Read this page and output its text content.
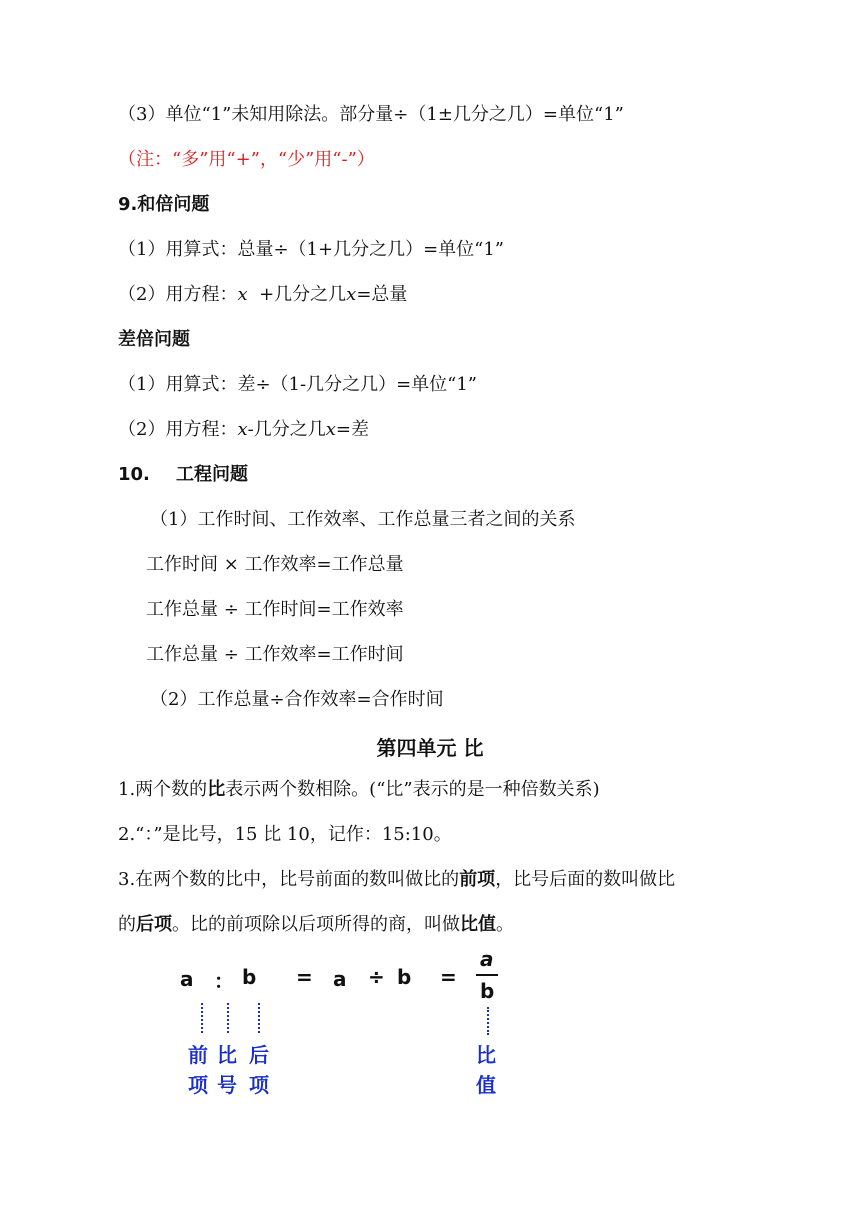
（3）单位“1”未知用除法。部分量÷（1±几分之几）=单位“1”
（注：“多”用“+”，“少”用“-”）
9.和倍问题
（1）用算式：总量÷（1+几分之几）=单位“1”
（2）用方程：x +几分之几x=总量
差倍问题
（1）用算式：差÷（1-几分之几）=单位“1”
（2）用方程：x-几分之几x=差
10. 工程问题
（1）工作时间、工作效率、工作总量三者之间的关系
工作时间 × 工作效率=工作总量
工作总量 ÷ 工作时间=工作效率
工作总量 ÷ 工作效率=工作时间
（2）工作总量÷合作效率=合作时间
第四单元 比
1.两个数的比表示两个数相除。(“比”表示的是一种倍数关系)
2.“：”是比号，15 比 10，记作：15:10。
3.在两个数的比中，比号前面的数叫做比的前项，比号后面的数叫做比
的后项。比的前项除以后项所得的商，叫做比值。
a ： b = a ÷ b =
a
b
前
项
比
号
后
项
比
值
